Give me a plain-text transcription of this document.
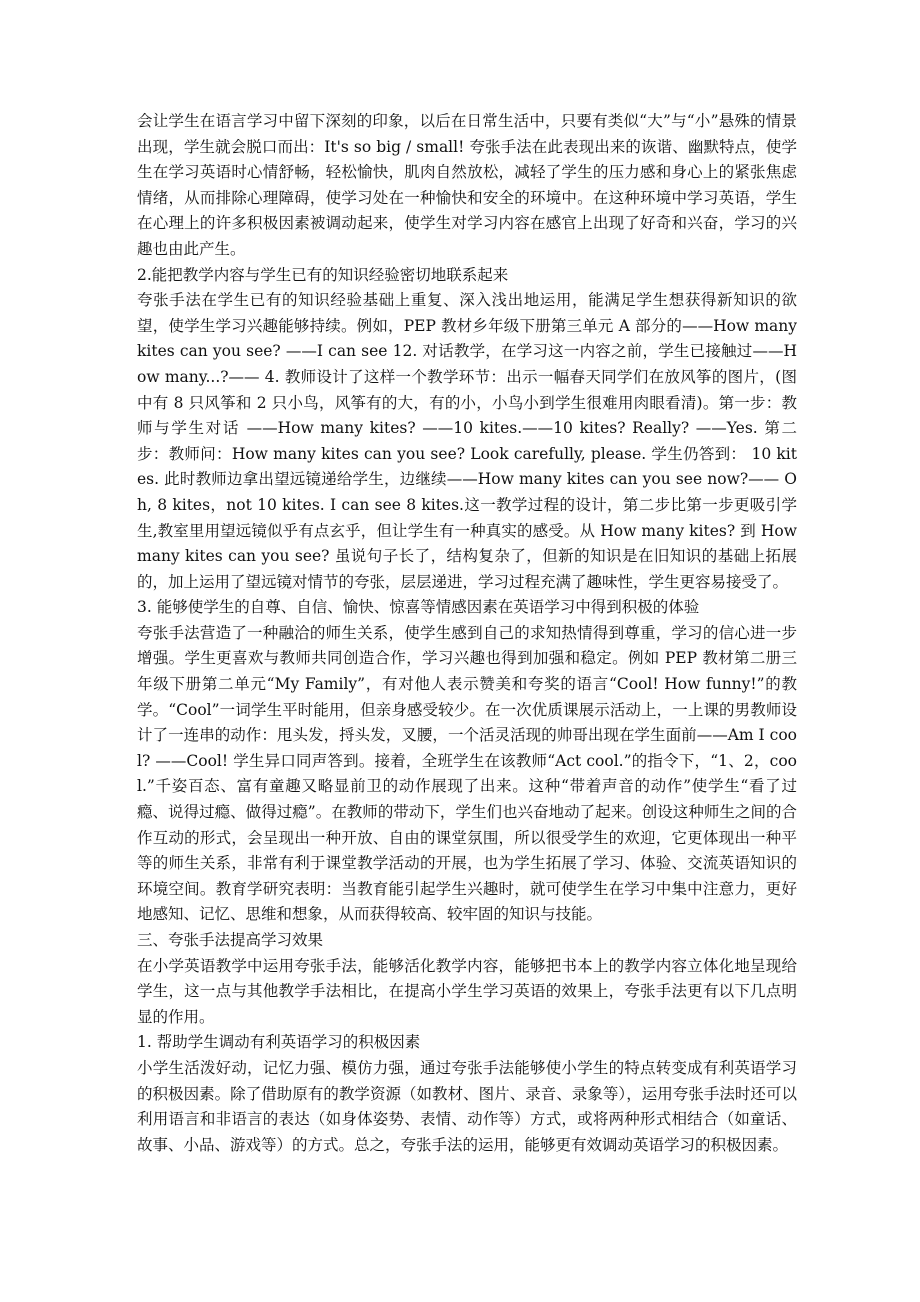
会让学生在语言学习中留下深刻的印象，以后在日常生活中，只要有类似“大”与“小”悬殊的情景出现，学生就会脱口而出：It's so big / small! 夸张手法在此表现出来的诙谐、幽默特点，使学生在学习英语时心情舒畅，轻松愉快，肌肉自然放松，减轻了学生的压力感和身心上的紧张焦虑情绪，从而排除心理障碍，使学习处在一种愉快和安全的环境中。在这种环境中学习英语，学生在心理上的许多积极因素被调动起来，使学生对学习内容在感官上出现了好奇和兴奋，学习的兴趣也由此产生。

2.能把教学内容与学生已有的知识经验密切地联系起来

夸张手法在学生已有的知识经验基础上重复、深入浅出地运用，能满足学生想获得新知识的欲望，使学生学习兴趣能够持续。例如，PEP 教材乡年级下册第三单元 A 部分的——How many kites can you see? ——I can see 12. 对话教学，在学习这一内容之前，学生已接触过——How many...?—— 4. 教师设计了这样一个教学环节：出示一幅春天同学们在放风筝的图片，(图中有 8 只风筝和 2 只小鸟，风筝有的大，有的小，小鸟小到学生很难用肉眼看清)。第一步：教师与学生对话 ——How many kites? ——10 kites.——10 kites? Really? ——Yes. 第二步：教师问：How many kites can you see? Look carefully, please. 学生仍答到： 10 kites. 此时教师边拿出望远镜递给学生，边继续——How many kites can you see now?—— Oh, 8 kites，not 10 kites. I can see 8 kites.这一教学过程的设计，第二步比第一步更吸引学生,教室里用望远镜似乎有点玄乎，但让学生有一种真实的感受。从 How many kites? 到 How many kites can you see? 虽说句子长了，结构复杂了，但新的知识是在旧知识的基础上拓展的，加上运用了望远镜对情节的夸张，层层递进，学习过程充满了趣味性，学生更容易接受了。

3. 能够使学生的自尊、自信、愉快、惊喜等情感因素在英语学习中得到积极的体验

夸张手法营造了一种融洽的师生关系，使学生感到自己的求知热情得到尊重，学习的信心进一步增强。学生更喜欢与教师共同创造合作，学习兴趣也得到加强和稳定。例如 PEP 教材第二册三年级下册第二单元“My Family”，有对他人表示赞美和夸奖的语言“Cool! How funny!”的教学。“Cool”一词学生平时能用，但亲身感受较少。在一次优质课展示活动上，一上课的男教师设计了一连串的动作：甩头发，捋头发，叉腰，一个活灵活现的帅哥出现在学生面前——Am I cool? ——Cool! 学生异口同声答到。接着，全班学生在该教师“Act cool.”的指令下，“1、2，cool.”千姿百态、富有童趣又略显前卫的动作展现了出来。这种“带着声音的动作”使学生“看了过瘾、说得过瘾、做得过瘾”。在教师的带动下，学生们也兴奋地动了起来。创设这种师生之间的合作互动的形式，会呈现出一种开放、自由的课堂氛围，所以很受学生的欢迎，它更体现出一种平等的师生关系，非常有利于课堂教学活动的开展，也为学生拓展了学习、体验、交流英语知识的环境空间。教育学研究表明：当教育能引起学生兴趣时，就可使学生在学习中集中注意力，更好地感知、记忆、思维和想象，从而获得较高、较牢固的知识与技能。

三、夸张手法提高学习效果

在小学英语教学中运用夸张手法，能够活化教学内容，能够把书本上的教学内容立体化地呈现给学生，这一点与其他教学手法相比，在提高小学生学习英语的效果上，夸张手法更有以下几点明显的作用。

1. 帮助学生调动有利英语学习的积极因素

小学生活泼好动，记忆力强、模仿力强，通过夸张手法能够使小学生的特点转变成有利英语学习的积极因素。除了借助原有的教学资源（如教材、图片、录音、录象等），运用夸张手法时还可以利用语言和非语言的表达（如身体姿势、表情、动作等）方式，或将两种形式相结合（如童话、故事、小品、游戏等）的方式。总之，夸张手法的运用，能够更有效调动英语学习的积极因素。
